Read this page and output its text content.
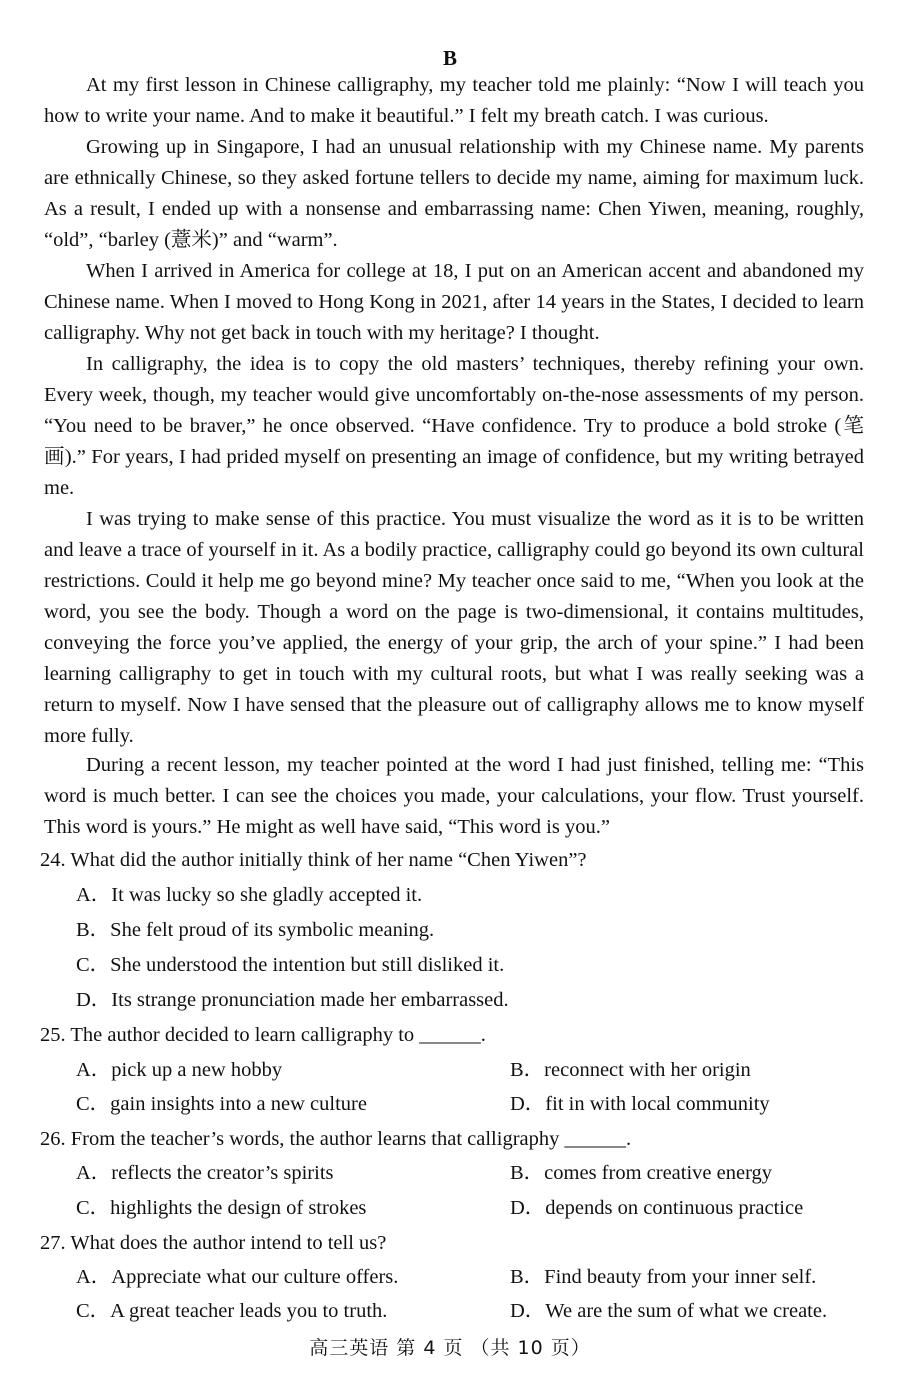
B
At my first lesson in Chinese calligraphy, my teacher told me plainly: “Now I will teach you how to write your name. And to make it beautiful.” I felt my breath catch. I was curious.
Growing up in Singapore, I had an unusual relationship with my Chinese name. My parents are ethnically Chinese, so they asked fortune tellers to decide my name, aiming for maximum luck. As a result, I ended up with a nonsense and embarrassing name: Chen Yiwen, meaning, roughly, “old”, “barley (薏米)” and “warm”.
When I arrived in America for college at 18, I put on an American accent and abandoned my Chinese name. When I moved to Hong Kong in 2021, after 14 years in the States, I decided to learn calligraphy. Why not get back in touch with my heritage? I thought.
In calligraphy, the idea is to copy the old masters’ techniques, thereby refining your own. Every week, though, my teacher would give uncomfortably on-the-nose assessments of my person. “You need to be braver,” he once observed. “Have confidence. Try to produce a bold stroke (笔画).” For years, I had prided myself on presenting an image of confidence, but my writing betrayed me.
I was trying to make sense of this practice. You must visualize the word as it is to be written and leave a trace of yourself in it. As a bodily practice, calligraphy could go beyond its own cultural restrictions. Could it help me go beyond mine? My teacher once said to me, “When you look at the word, you see the body. Though a word on the page is two-dimensional, it contains multitudes, conveying the force you’ve applied, the energy of your grip, the arch of your spine.” I had been learning calligraphy to get in touch with my cultural roots, but what I was really seeking was a return to myself. Now I have sensed that the pleasure out of calligraphy allows me to know myself more fully.
During a recent lesson, my teacher pointed at the word I had just finished, telling me: “This word is much better. I can see the choices you made, your calculations, your flow. Trust yourself. This word is yours.” He might as well have said, “This word is you.”
24. What did the author initially think of her name “Chen Yiwen”?
A．It was lucky so she gladly accepted it.
B．She felt proud of its symbolic meaning.
C．She understood the intention but still disliked it.
D．Its strange pronunciation made her embarrassed.
25. The author decided to learn calligraphy to ______.
A．pick up a new hobby	B．reconnect with her origin
C．gain insights into a new culture	D．fit in with local community
26. From the teacher’s words, the author learns that calligraphy ______.
A．reflects the creator’s spirits	B．comes from creative energy
C．highlights the design of strokes	D．depends on continuous practice
27. What does the author intend to tell us?
A．Appreciate what our culture offers.	B．Find beauty from your inner self.
C．A great teacher leads you to truth.	D．We are the sum of what we create.
高三英语 第 4 页 （共 10 页）
